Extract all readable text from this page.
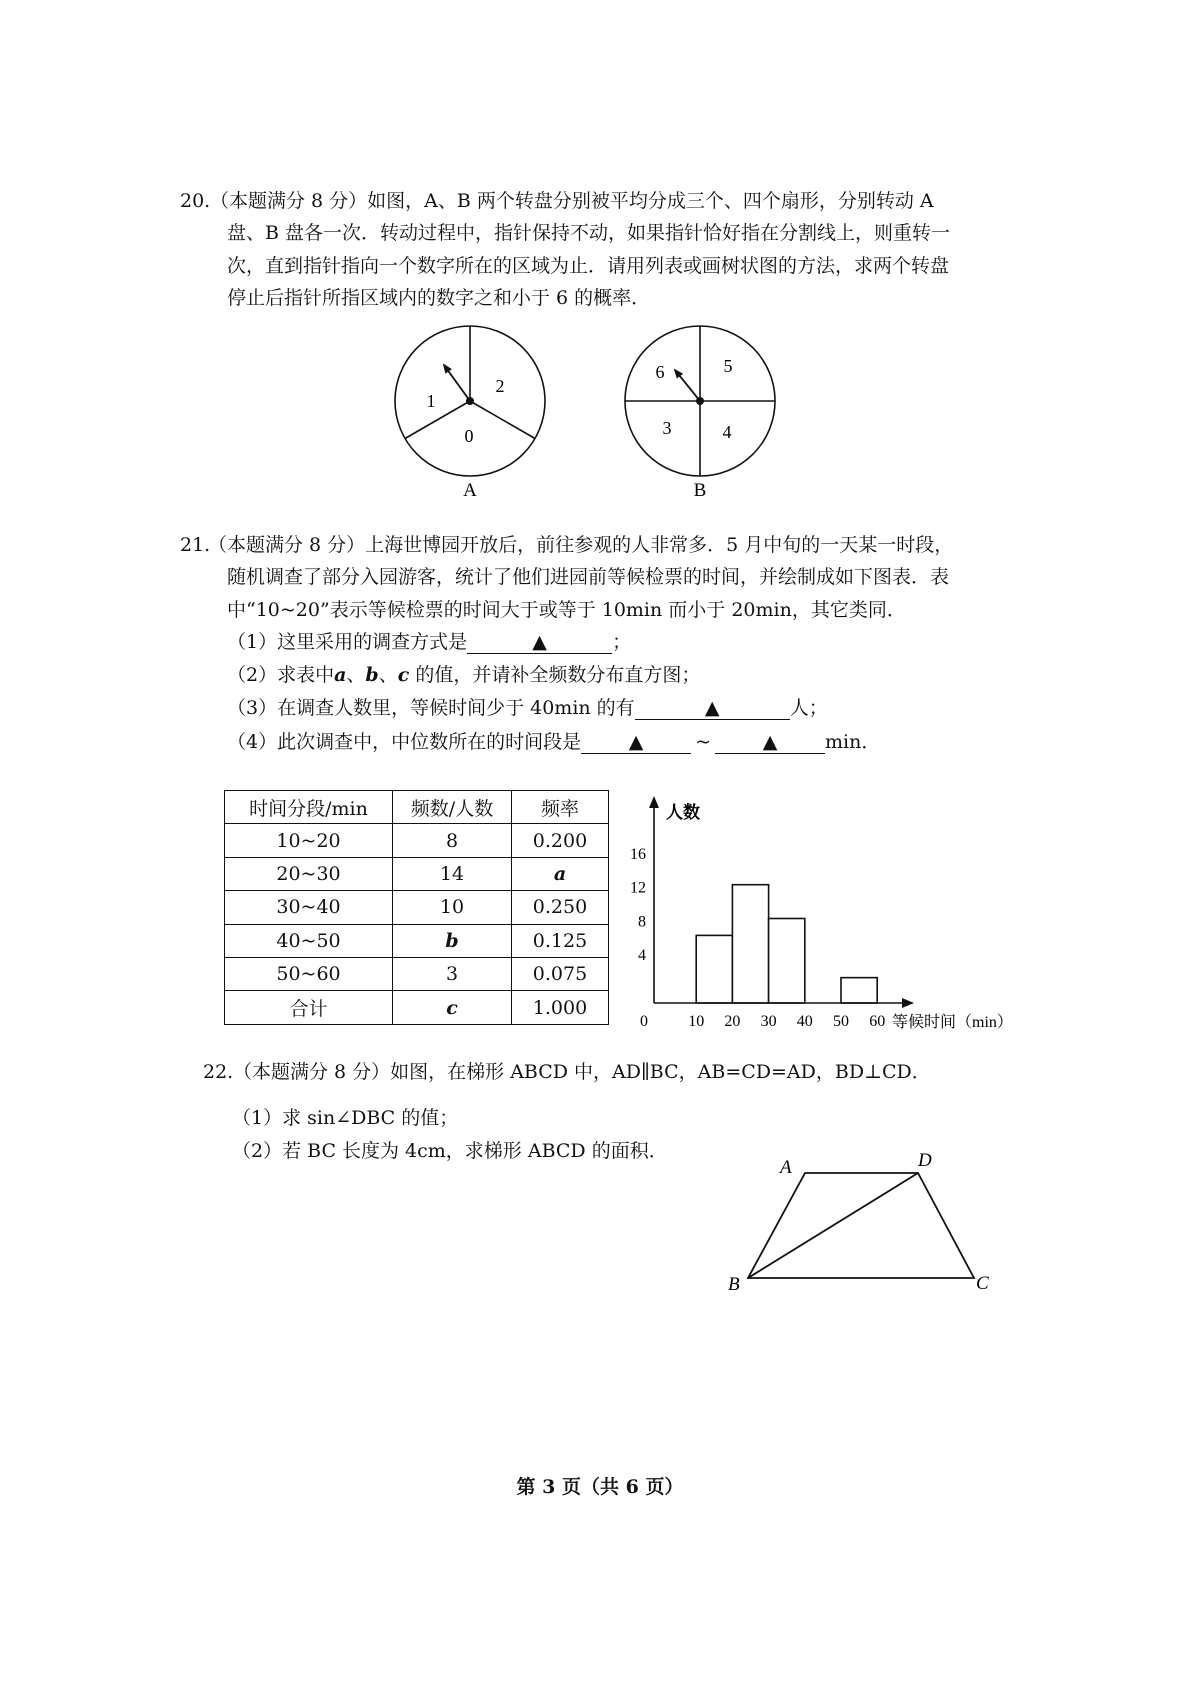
20. （本题满分 8 分）如图，A、B 两个转盘分别被平均分成三个、四个扇形，分别转动 A
盘、B 盘各一次．转动过程中，指针保持不动，如果指针恰好指在分割线上，则重转一
次，直到指针指向一个数字所在的区域为止．请用列表或画树状图的方法，求两个转盘
停止后指针所指区域内的数字之和小于 6 的概率．
1
2
0
A
6	5
3	4
B
21.
（本题满分 8 分）上海世博园开放后，前往参观的人非常多．5 月中旬的一天某一时段，
随机调查了部分入园游客，统计了他们进园前等候检票的时间，并绘制成如下图表．表
中“10~20”表示等候检票的时间大于或等于 10min 而小于 20min，其它类同．
（1）这里采用的调查方式是	▲	；
（2）求表中a、b、c 的值，并请补全频数分布直方图；
（3）在调查人数里，等候时间少于 40min 的有	▲	人；
（4）此次调查中，中位数所在的时间段是	▲	~	▲	min．
时间分段/min	频数/人数	频率
10~20	8	0.200
20~30	14	a
30~40	10	0.250
40~50	b	0.125
50~60	3	0.075
合计	c	1.000
人数
等候时间（min）
0	10 20 30 40 50 60
4
8
12
16
22. （本题满分 8 分）如图，在梯形 ABCD 中，AD∥BC，AB=CD=AD，BD⊥CD．
（1）求 sin∠DBC 的值；
（2）若 BC 长度为 4cm，求梯形 ABCD 的面积．
A	D
B	C
第 3 页（共 6 页）
